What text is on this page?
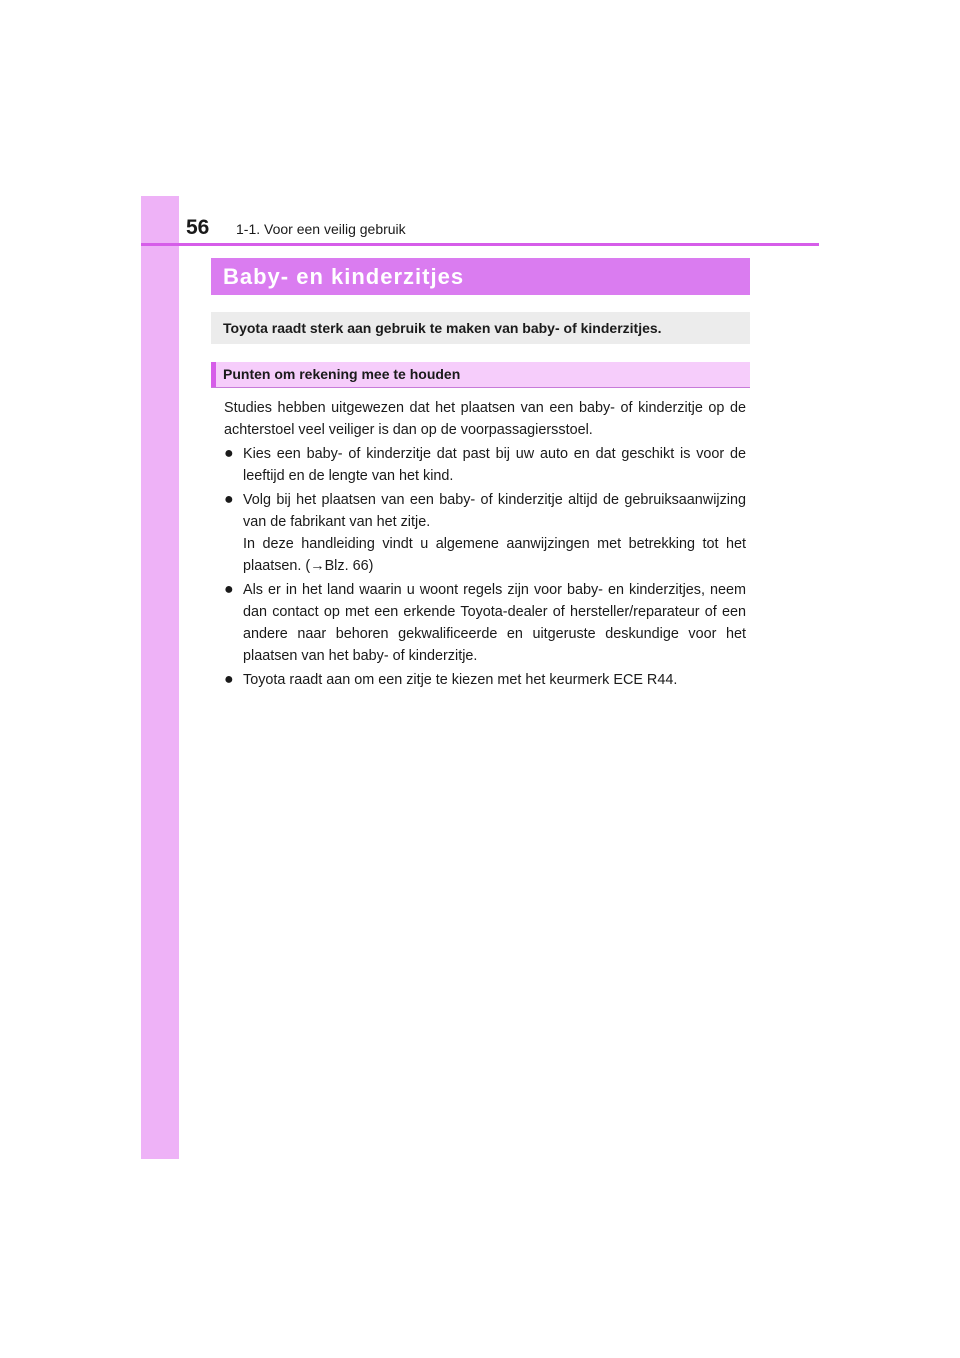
56 1-1. Voor een veilig gebruik
Baby- en kinderzitjes
Toyota raadt sterk aan gebruik te maken van baby- of kinderzitjes.
Punten om rekening mee te houden

Studies hebben uitgewezen dat het plaatsen van een baby- of kinderzitje op de achterstoel veel veiliger is dan op de voorpassagiersstoel.

● Kies een baby- of kinderzitje dat past bij uw auto en dat geschikt is voor de leeftijd en de lengte van het kind.

● Volg bij het plaatsen van een baby- of kinderzitje altijd de gebruiksaanwijzing van de fabrikant van het zitje.

In deze handleiding vindt u algemene aanwijzingen met betrekking tot het plaatsen. (→Blz. 66)

● Als er in het land waarin u woont regels zijn voor baby- en kinderzitjes, neem dan contact op met een erkende Toyota-dealer of hersteller/reparateur of een andere naar behoren gekwalificeerde en uitgeruste deskundige voor het plaatsen van het baby- of kinderzitje.

● Toyota raadt aan om een zitje te kiezen met het keurmerk ECE R44.
